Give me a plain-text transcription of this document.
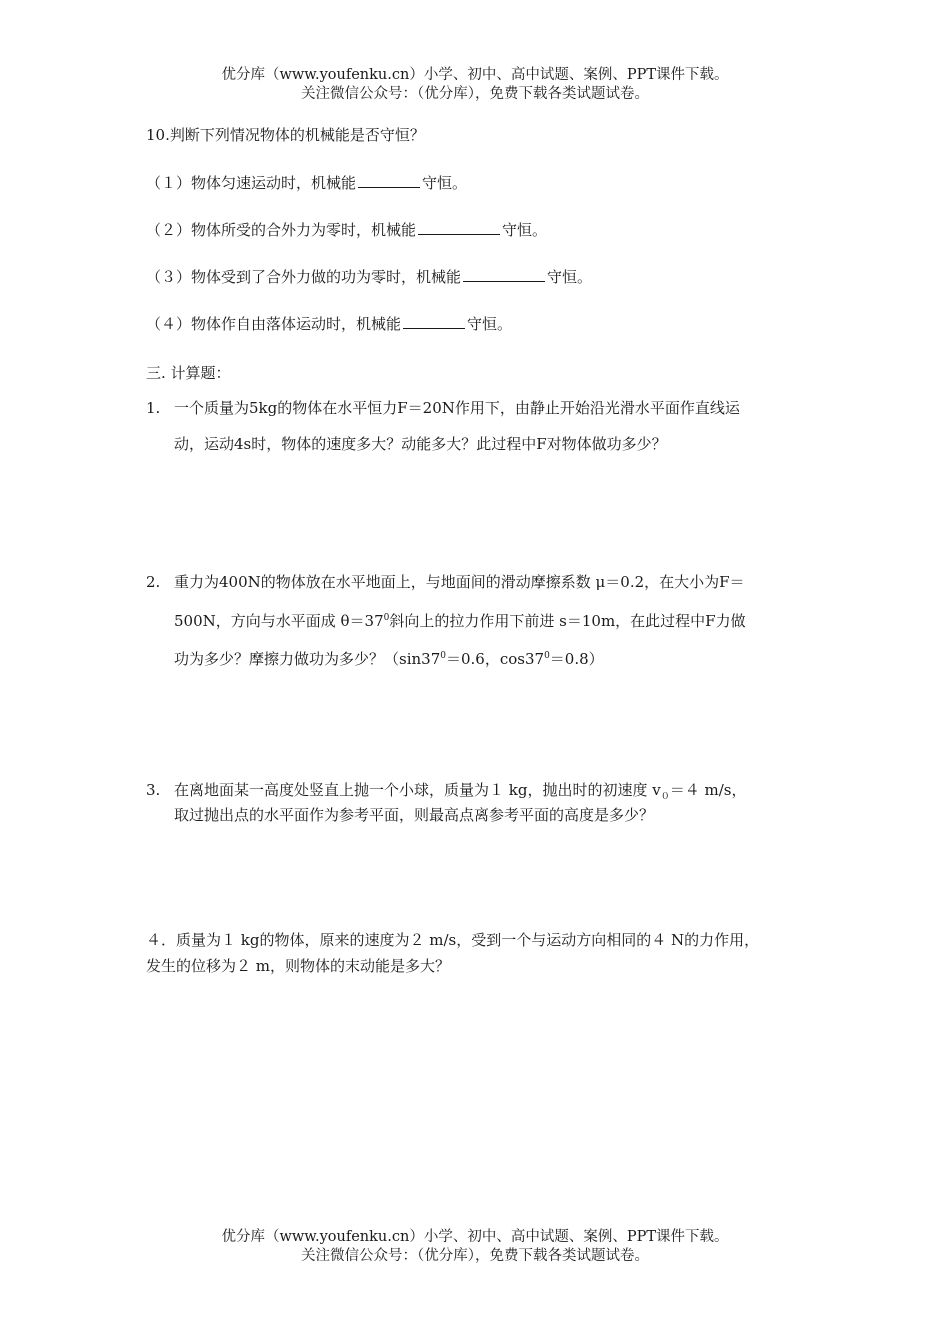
优分库（www.youfenku.cn）小学、初中、高中试题、案例、PPT课件下载。
关注微信公众号：（优分库），免费下载各类试题试卷。
10.判断下列情况物体的机械能是否守恒？
（１）物体匀速运动时，机械能	守恒。
（２）物体所受的合外力为零时，机械能	守恒。
（３）物体受到了合外力做的功为零时，机械能	守恒。
（４）物体作自由落体运动时，机械能	守恒。
三. 计算题：
1. 一个质量为5kg的物体在水平恒力F＝20N作用下，由静止开始沿光滑水平面作直线运
动，运动4s时，物体的速度多大？动能多大？此过程中F对物体做功多少？
2. 重力为400N的物体放在水平地面上，与地面间的滑动摩擦系数 μ＝0.2，在大小为F＝
500N，方向与水平面成 $\theta=37^0$斜向上的拉力作用下前进 s＝10m，在此过程中F力做
功为多少？摩擦力做功为多少？（$\sin 37^0=0.6$，$\cos 37^0=0.8$）
3. 在离地面某一高度处竖直上抛一个小球，质量为１ kg，抛出时的初速度 $v_0=4$ m/s，
取过抛出点的水平面作为参考平面，则最高点离参考平面的高度是多少？
４．质量为１ kg的物体，原来的速度为２ m/s，受到一个与运动方向相同的４ N的力作用，
发生的位移为２ m，则物体的末动能是多大？
优分库（www.youfenku.cn）小学、初中、高中试题、案例、PPT课件下载。
关注微信公众号：（优分库），免费下载各类试题试卷。
